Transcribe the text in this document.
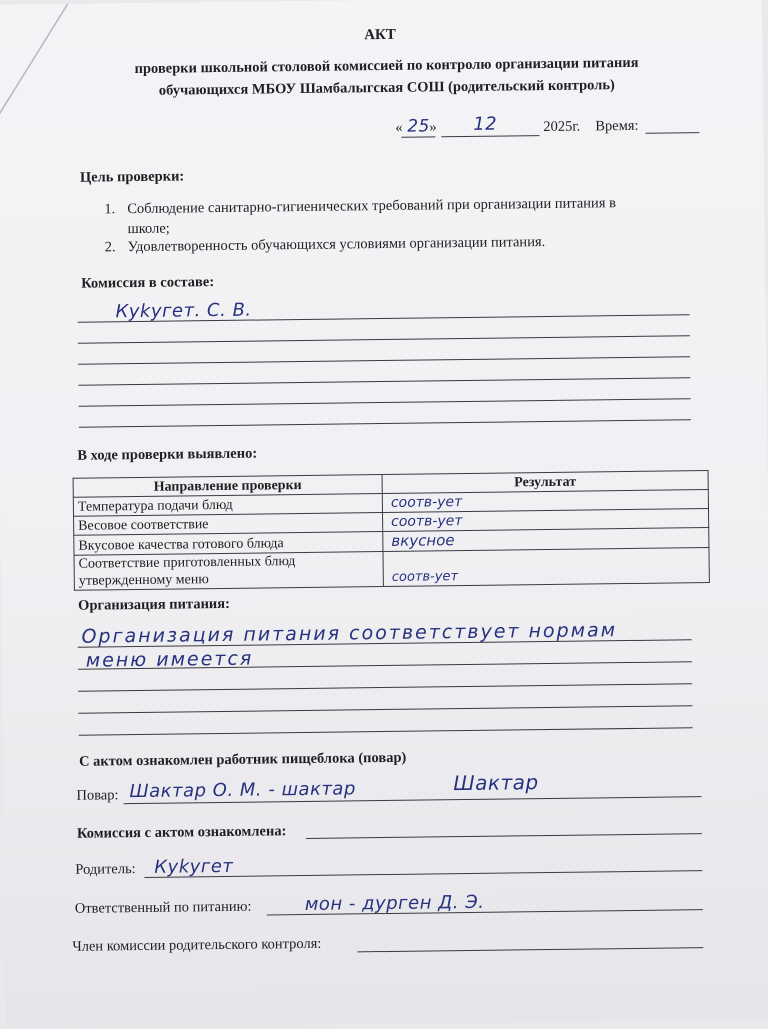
АКТ
проверки школьной столовой комиссией по контролю организации питания
обучающихся МБОУ Шамбалыгская СОШ (родительский контроль)
« 25 » 12	2025г. Время:
Цель проверки:
1. Соблюдение санитарно-гигиенических требований при организации питания в
школе;
2. Удовлетворенность обучающихся условиями организации питания.
Комиссия в составе:
Куkугет. С. В.
В ходе проверки выявлено:
Направление проверки	Результат
Температура подачи блюд	соотв-ует
Весовое соответствие	соотв-ует
Вкусовое качества готового блюда	вкусное
Соответствие приготовленных блюд
утвержденному меню	соотв-ует
Организация питания:
Организация питания соответствует нормам
меню имеется
С актом ознакомлен работник пищеблока (повар)
Повар: Шактар О. М. - шактар	Шактар
Комиссия с актом ознакомлена:
Родитель: Куkугет
Ответственный по питанию:	мон - дурген Д. Э.
Член комиссии родительского контроля:
